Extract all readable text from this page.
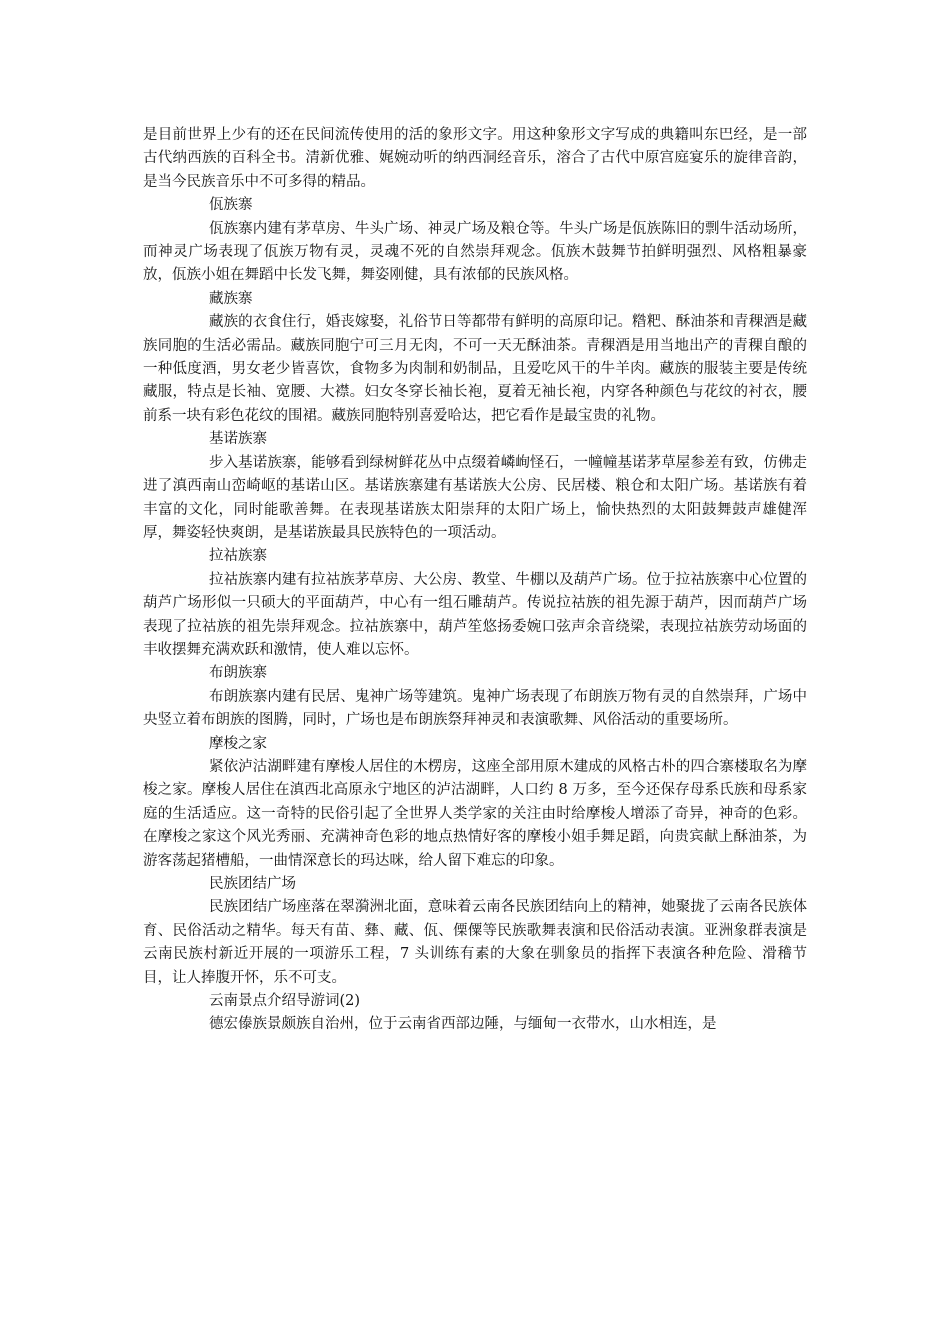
是目前世界上少有的还在民间流传使用的活的象形文字。用这种象形文字写成的典籍叫东巴经，是一部古代纳西族的百科全书。清新优雅、娓婉动听的纳西洞经音乐，溶合了古代中原宫庭宴乐的旋律音韵，是当今民族音乐中不可多得的精品。

佤族寨

佤族寨内建有茅草房、牛头广场、神灵广场及粮仓等。牛头广场是佤族陈旧的剽牛活动场所，而神灵广场表现了佤族万物有灵，灵魂不死的自然崇拜观念。佤族木鼓舞节拍鲜明强烈、风格粗暴豪放，佤族小姐在舞蹈中长发飞舞，舞姿刚健，具有浓郁的民族风格。

藏族寨

藏族的衣食住行，婚丧嫁娶，礼俗节日等都带有鲜明的高原印记。糌粑、酥油茶和青稞酒是藏族同胞的生活必需品。藏族同胞宁可三月无肉，不可一天无酥油茶。青稞酒是用当地出产的青稞自酿的一种低度酒，男女老少皆喜饮，食物多为肉制和奶制品，且爱吃风干的牛羊肉。藏族的服装主要是传统藏服，特点是长袖、宽腰、大襟。妇女冬穿长袖长袍，夏着无袖长袍，内穿各种颜色与花纹的衬衣，腰前系一块有彩色花纹的围裙。藏族同胞特别喜爱哈达，把它看作是最宝贵的礼物。

基诺族寨

步入基诺族寨，能够看到绿树鲜花丛中点缀着嶙峋怪石，一幢幢基诺茅草屋参差有致，仿佛走进了滇西南山峦崎岖的基诺山区。基诺族寨建有基诺族大公房、民居楼、粮仓和太阳广场。基诺族有着丰富的文化，同时能歌善舞。在表现基诺族太阳崇拜的太阳广场上，愉快热烈的太阳鼓舞鼓声雄健浑厚，舞姿轻快爽朗，是基诺族最具民族特色的一项活动。

拉祜族寨

拉祜族寨内建有拉祜族茅草房、大公房、教堂、牛棚以及葫芦广场。位于拉祜族寨中心位置的葫芦广场形似一只硕大的平面葫芦，中心有一组石雕葫芦。传说拉祜族的祖先源于葫芦，因而葫芦广场表现了拉祜族的祖先崇拜观念。拉祜族寨中，葫芦笙悠扬委婉口弦声余音绕梁，表现拉祜族劳动场面的丰收摆舞充满欢跃和激情，使人难以忘怀。

布朗族寨

布朗族寨内建有民居、鬼神广场等建筑。鬼神广场表现了布朗族万物有灵的自然崇拜，广场中央竖立着布朗族的图腾，同时，广场也是布朗族祭拜神灵和表演歌舞、风俗活动的重要场所。

摩梭之家

紧依泸沽湖畔建有摩梭人居住的木楞房，这座全部用原木建成的风格古朴的四合寨楼取名为摩梭之家。摩梭人居住在滇西北高原永宁地区的泸沽湖畔，人口约 8 万多，至今还保存母系氏族和母系家庭的生活适应。这一奇特的民俗引起了全世界人类学家的关注由时给摩梭人增添了奇异，神奇的色彩。在摩梭之家这个风光秀丽、充满神奇色彩的地点热情好客的摩梭小姐手舞足蹈，向贵宾献上酥油茶，为游客荡起猪槽船，一曲情深意长的玛达咪，给人留下难忘的印象。

民族团结广场

民族团结广场座落在翠漪洲北面，意味着云南各民族团结向上的精神，她聚拢了云南各民族体育、民俗活动之精华。每天有苗、彝、藏、佤、傈僳等民族歌舞表演和民俗活动表演。亚洲象群表演是云南民族村新近开展的一项游乐工程，7 头训练有素的大象在驯象员的指挥下表演各种危险、滑稽节目，让人捧腹开怀，乐不可支。

云南景点介绍导游词(2)

德宏傣族景颇族自治州，位于云南省西部边陲，与缅甸一衣带水，山水相连，是
